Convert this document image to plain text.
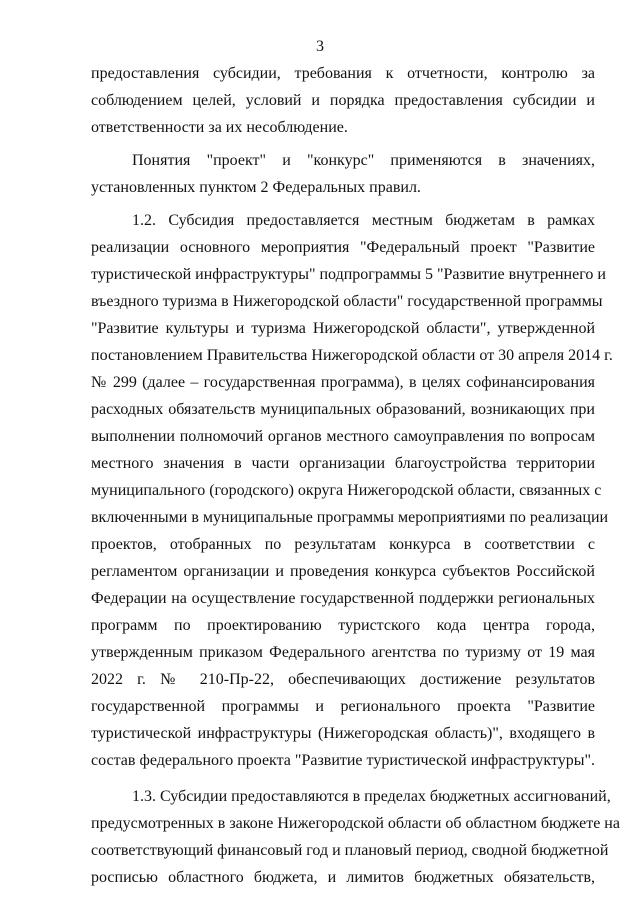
3

предоставления субсидии, требования к отчетности, контролю за
соблюдением целей, условий и порядка предоставления субсидии и
ответственности за их несоблюдение.

Понятия "проект" и "конкурс" применяются в значениях,
установленных пунктом 2 Федеральных правил.

1.2. Субсидия предоставляется местным бюджетам в рамках
реализации основного мероприятия "Федеральный проект "Развитие
туристической инфраструктуры" подпрограммы 5 "Развитие внутреннего и
въездного туризма в Нижегородской области" государственной программы
"Развитие культуры и туризма Нижегородской области", утвержденной
постановлением Правительства Нижегородской области от 30 апреля 2014 г.
№ 299 (далее – государственная программа), в целях софинансирования
расходных обязательств муниципальных образований, возникающих при
выполнении полномочий органов местного самоуправления по вопросам
местного значения в части организации благоустройства территории
муниципального (городского) округа Нижегородской области, связанных с
включенными в муниципальные программы мероприятиями по реализации
проектов, отобранных по результатам конкурса в соответствии с
регламентом организации и проведения конкурса субъектов Российской
Федерации на осуществление государственной поддержки региональных
программ по проектированию туристского кода центра города,
утвержденным приказом Федерального агентства по туризму от 19 мая
2022 г. № 210-Пр-22, обеспечивающих достижение результатов
государственной программы и регионального проекта "Развитие
туристической инфраструктуры (Нижегородская область)", входящего в
состав федерального проекта "Развитие туристической инфраструктуры".

1.3. Субсидии предоставляются в пределах бюджетных ассигнований,
предусмотренных в законе Нижегородской области об областном бюджете на
соответствующий финансовый год и плановый период, сводной бюджетной
росписью областного бюджета, и лимитов бюджетных обязательств,
